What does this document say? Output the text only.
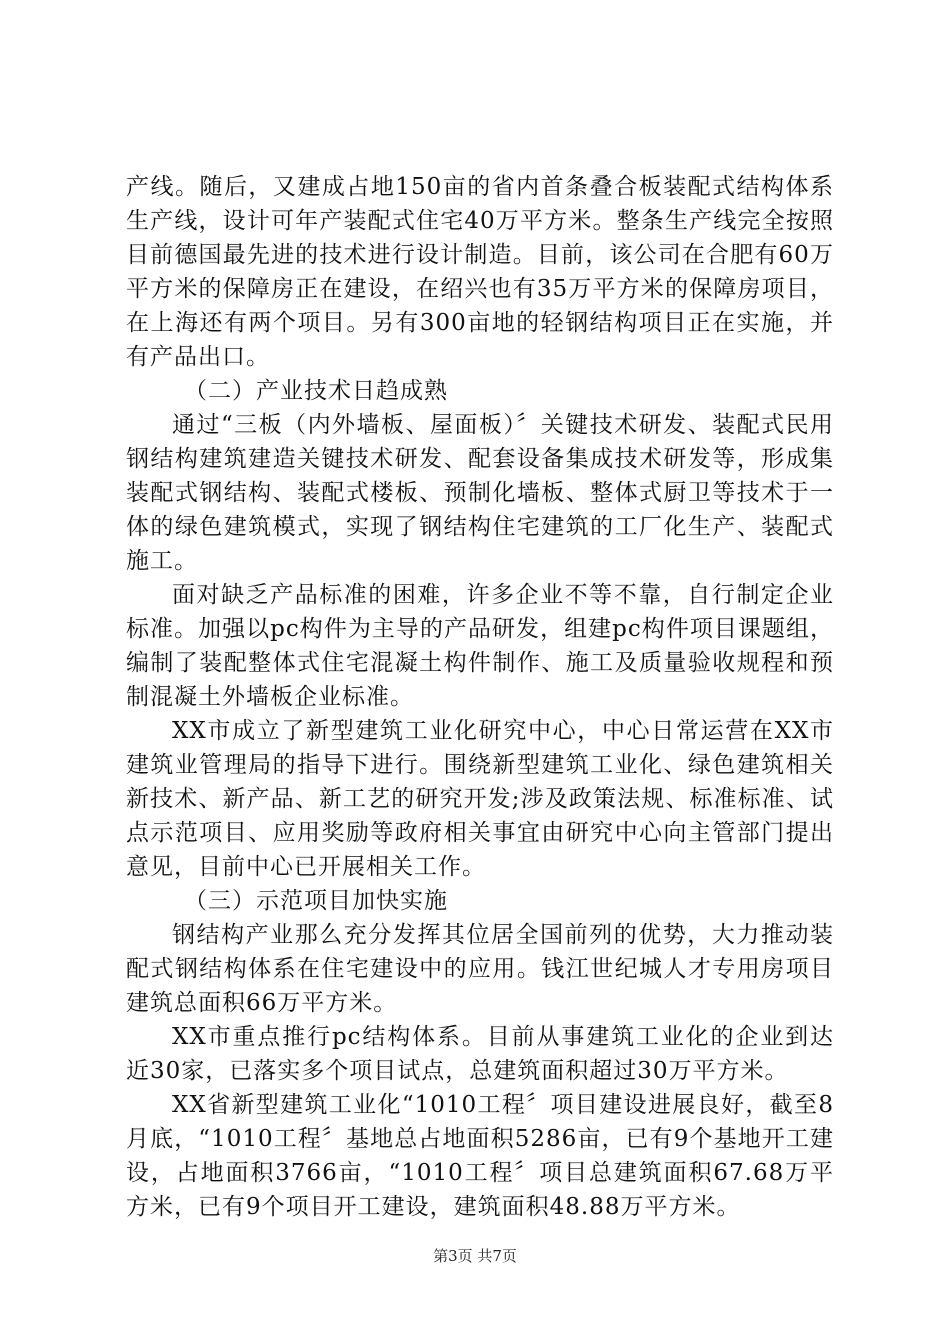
产线。随后，又建成占地150亩的省内首条叠合板装配式结构体系生产线，设计可年产装配式住宅40万平方米。整条生产线完全按照目前德国最先进的技术进行设计制造。目前，该公司在合肥有60万平方米的保障房正在建设，在绍兴也有35万平方米的保障房项目，在上海还有两个项目。另有300亩地的轻钢结构项目正在实施，并有产品出口。

（二）产业技术日趋成熟

通过“三板（内外墙板、屋面板）〞关键技术研发、装配式民用钢结构建筑建造关键技术研发、配套设备集成技术研发等，形成集装配式钢结构、装配式楼板、预制化墙板、整体式厨卫等技术于一体的绿色建筑模式，实现了钢结构住宅建筑的工厂化生产、装配式施工。

面对缺乏产品标准的困难，许多企业不等不靠，自行制定企业标准。加强以pc构件为主导的产品研发，组建pc构件项目课题组，编制了装配整体式住宅混凝土构件制作、施工及质量验收规程和预制混凝土外墙板企业标准。

XX市成立了新型建筑工业化研究中心，中心日常运营在XX市建筑业管理局的指导下进行。围绕新型建筑工业化、绿色建筑相关新技术、新产品、新工艺的研究开发;涉及政策法规、标准标准、试点示范项目、应用奖励等政府相关事宜由研究中心向主管部门提出意见，目前中心已开展相关工作。

（三）示范项目加快实施

钢结构产业那么充分发挥其位居全国前列的优势，大力推动装配式钢结构体系在住宅建设中的应用。钱江世纪城人才专用房项目建筑总面积66万平方米。

XX市重点推行pc结构体系。目前从事建筑工业化的企业到达近30家，已落实多个项目试点，总建筑面积超过30万平方米。

XX省新型建筑工业化“1010工程〞项目建设进展良好，截至8月底，“1010工程〞基地总占地面积5286亩，已有9个基地开工建设，占地面积3766亩，“1010工程〞项目总建筑面积67.68万平方米，已有9个项目开工建设，建筑面积48.88万平方米。

第3页 共7页
